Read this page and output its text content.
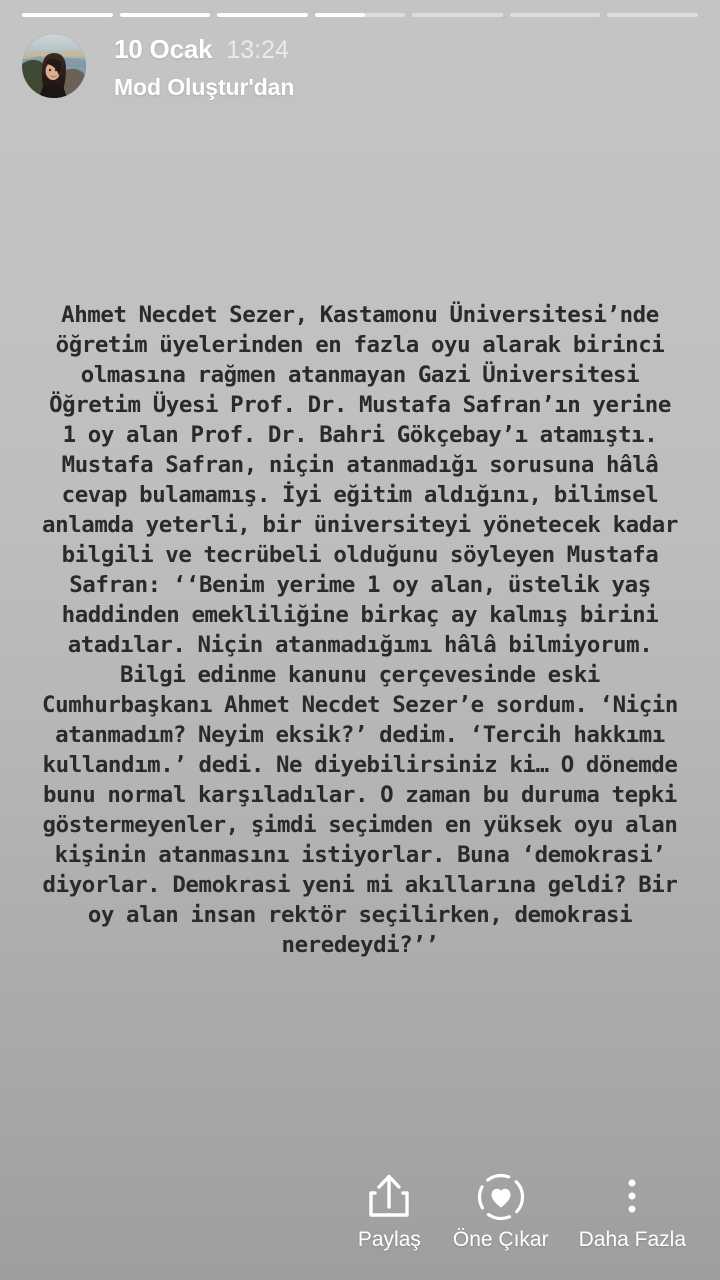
10 Ocak 13:24
Mod Oluştur'dan

Ahmet Necdet Sezer, Kastamonu Üniversitesi’nde öğretim üyelerinden en fazla oyu alarak birinci olmasına rağmen atanmayan Gazi Üniversitesi Öğretim Üyesi Prof. Dr. Mustafa Safran’ın yerine 1 oy alan Prof. Dr. Bahri Gökçebay’ı atamıştı. Mustafa Safran, niçin atanmadığı sorusuna hâlâ cevap bulamamış. İyi eğitim aldığını, bilimsel anlamda yeterli, bir üniversiteyi yönetecek kadar bilgili ve tecrübeli olduğunu söyleyen Mustafa Safran: ‘‘Benim yerime 1 oy alan, üstelik yaş haddinden emekliliğine birkaç ay kalmış birini atadılar. Niçin atanmadığımı hâlâ bilmiyorum. Bilgi edinme kanunu çerçevesinde eski Cumhurbaşkanı Ahmet Necdet Sezer’e sordum. ‘Niçin atanmadım? Neyim eksik?’ dedim. ‘Tercih hakkımı kullandım.’ dedi. Ne diyebilirsiniz ki… O dönemde bunu normal karşıladılar. O zaman bu duruma tepki göstermeyenler, şimdi seçimden en yüksek oyu alan kişinin atanmasını istiyorlar. Buna ‘demokrasi’ diyorlar. Demokrasi yeni mi akıllarına geldi? Bir oy alan insan rektör seçilirken, demokrasi neredeydi?’’

Paylaş Öne Çıkar Daha Fazla
